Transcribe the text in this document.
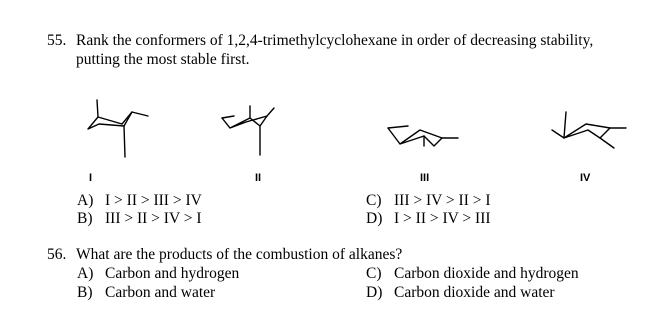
55. Rank the conformers of 1,2,4-trimethylcyclohexane in order of decreasing stability,
putting the most stable first.
I	II	III	IV
A) I > II > III > IV
B) III > II > IV > I
C) III > IV > II > I
D) I > II > IV > III
56. What are the products of the combustion of alkanes?
A) Carbon and hydrogen
B) Carbon and water
C) Carbon dioxide and hydrogen
D) Carbon dioxide and water
